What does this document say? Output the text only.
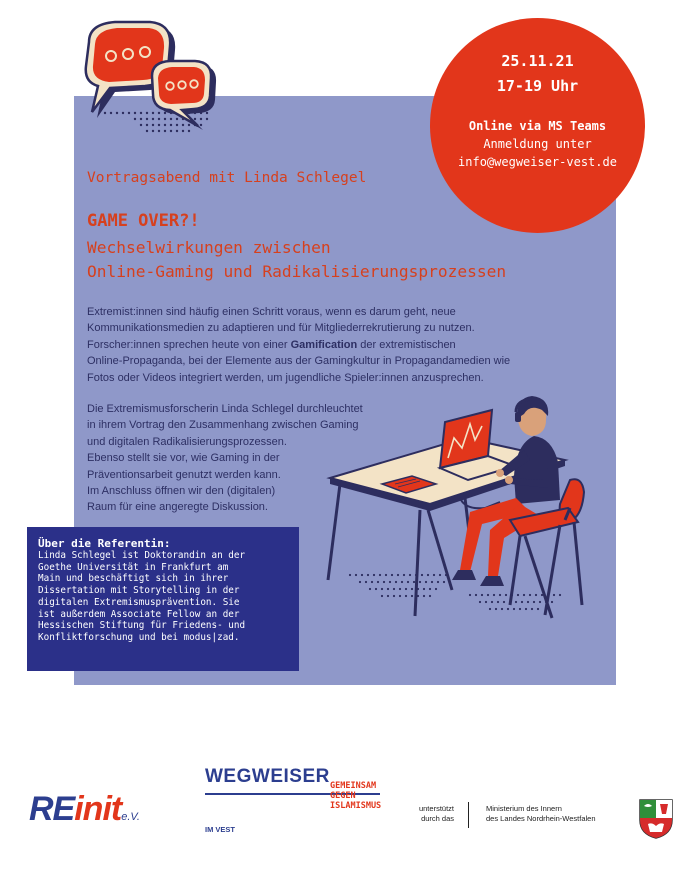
25.11.21
17-19 Uhr
Online via MS Teams
Anmeldung unter
info@wegweiser-vest.de
Vortragsabend mit Linda Schlegel
GAME OVER?!
Wechselwirkungen zwischen
Online-Gaming und Radikalisierungsprozessen
Extremist:innen sind häufig einen Schritt voraus, wenn es darum geht, neue
Kommunikationsmedien zu adaptieren und für Mitgliederrekrutierung zu nutzen.
Forscher:innen sprechen heute von einer Gamification der extremistischen
Online-Propaganda, bei der Elemente aus der Gamingkultur in Propagandamedien wie
Fotos oder Videos integriert werden, um jugendliche Spieler:innen anzusprechen.
Die Extremismusforscherin Linda Schlegel durchleuchtet
in ihrem Vortrag den Zusammenhang zwischen Gaming
und digitalen Radikalisierungsprozessen.
Ebenso stellt sie vor, wie Gaming in der
Präventionsarbeit genutzt werden kann.
Im Anschluss öffnen wir den (digitalen)
Raum für eine angeregte Diskussion.
Über die Referentin:
Linda Schlegel ist Doktorandin an der
Goethe Universität in Frankfurt am
Main und beschäftigt sich in ihrer
Dissertation mit Storytelling in der
digitalen Extremismusprävention. Sie
ist außerdem Associate Fellow an der
Hessischen Stiftung für Friedens- und
Konfliktforschung und bei modus|zad.
REinite.V.
WEGWEISER GEMEINSAM
GEGEN
ISLAMISMUS
IM VEST
unterstützt
durch das
Ministerium des Innern
des Landes Nordrhein-Westfalen
